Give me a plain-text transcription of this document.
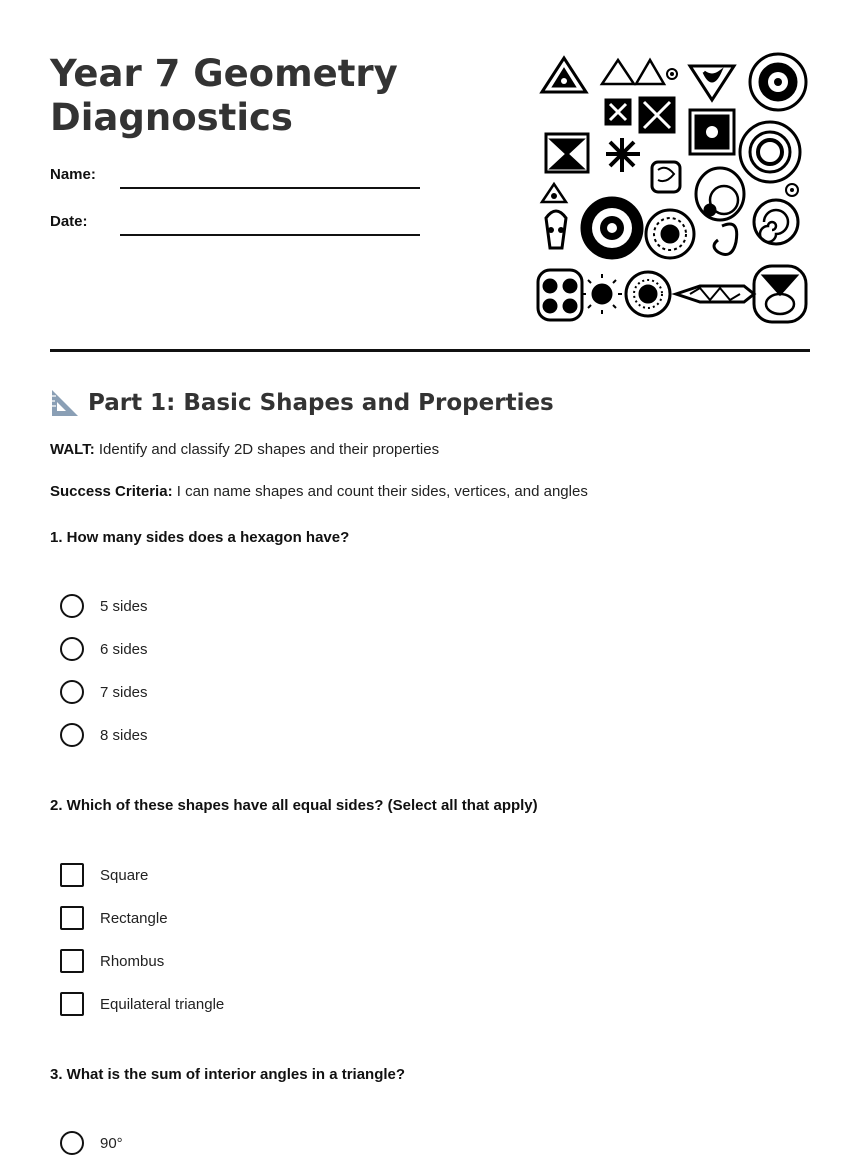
Year 7 Geometry
Diagnostics
Name:
Date:
Part 1: Basic Shapes and Properties
WALT: Identify and classify 2D shapes and their properties
Success Criteria: I can name shapes and count their sides, vertices, and angles
1. How many sides does a hexagon have?
5 sides
6 sides
7 sides
8 sides
2. Which of these shapes have all equal sides? (Select all that apply)
Square
Rectangle
Rhombus
Equilateral triangle
3. What is the sum of interior angles in a triangle?
90°
